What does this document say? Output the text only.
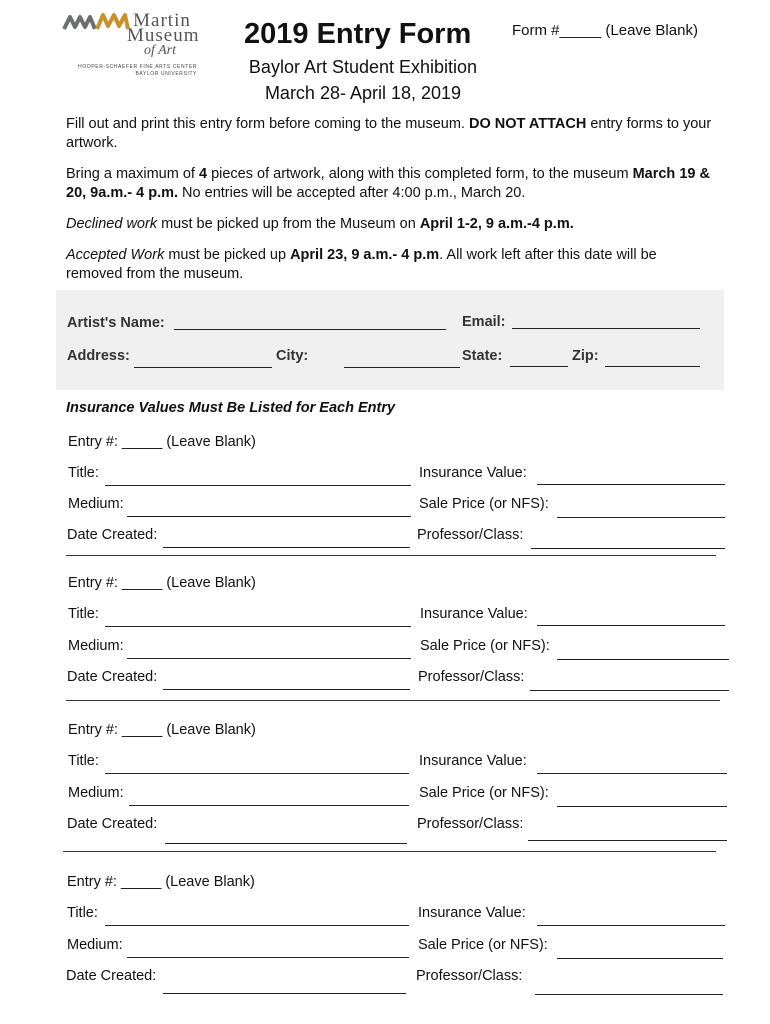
Martin
Museum
of Art
HOOPER-SCHAEFER FINE ARTS CENTER
BAYLOR UNIVERSITY
2019 Entry Form	Form #_____ (Leave Blank)
Baylor Art Student Exhibition
March 28- April 18, 2019
Fill out and print this entry form before coming to the museum. DO NOT ATTACH entry forms to your artwork.
Bring a maximum of 4 pieces of artwork, along with this completed form, to the museum March 19 & 20, 9a.m.- 4 p.m. No entries will be accepted after 4:00 p.m., March 20.
Declined work must be picked up from the Museum on April 1-2, 9 a.m.-4 p.m.
Accepted Work must be picked up April 23, 9 a.m.- 4 p.m. All work left after this date will be removed from the museum.
Artist's Name:	Email:
Address:	City:	State:	Zip:
Insurance Values Must Be Listed for Each Entry
Entry #: _____ (Leave Blank)
Title:	Insurance Value:
Medium:	Sale Price (or NFS):
Date Created:	Professor/Class:
Entry #: _____ (Leave Blank)
Title:	Insurance Value:
Medium:	Sale Price (or NFS):
Date Created:	Professor/Class:
Entry #: _____ (Leave Blank)
Title:	Insurance Value:
Medium:	Sale Price (or NFS):
Date Created:	Professor/Class:
Entry #: _____ (Leave Blank)
Title:	Insurance Value:
Medium:	Sale Price (or NFS):
Date Created:	Professor/Class:
